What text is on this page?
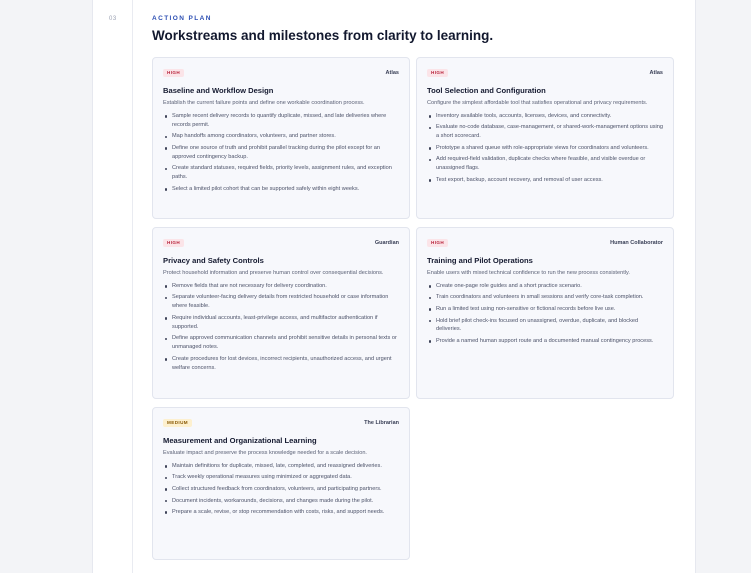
03	ACTION PLAN
Workstreams and milestones from clarity to learning.
HIGH	Atlas
Baseline and Workflow Design

Establish the current failure points and define one workable coordination process.

Sample recent delivery records to quantify duplicate, missed, and late deliveries where records permit.
Map handoffs among coordinators, volunteers, and partner stores.
Define one source of truth and prohibit parallel tracking during the pilot except for an approved contingency backup.
Create standard statuses, required fields, priority levels, assignment rules, and exception paths.
Select a limited pilot cohort that can be supported safely within eight weeks.
HIGH	Atlas
Tool Selection and Configuration

Configure the simplest affordable tool that satisfies operational and privacy requirements.

Inventory available tools, accounts, licenses, devices, and connectivity.
Evaluate no-code database, case-management, or shared-work-management options using a short scorecard.
Prototype a shared queue with role-appropriate views for coordinators and volunteers.
Add required-field validation, duplicate checks where feasible, and visible overdue or unassigned flags.
Test export, backup, account recovery, and removal of user access.
HIGH	Guardian
Privacy and Safety Controls

Protect household information and preserve human control over consequential decisions.

Remove fields that are not necessary for delivery coordination.
Separate volunteer-facing delivery details from restricted household or case information where feasible.
Require individual accounts, least-privilege access, and multifactor authentication if supported.
Define approved communication channels and prohibit sensitive details in personal texts or unmanaged notes.
Create procedures for lost devices, incorrect recipients, unauthorized access, and urgent welfare concerns.
HIGH	Human Collaborator
Training and Pilot Operations

Enable users with mixed technical confidence to run the new process consistently.

Create one-page role guides and a short practice scenario.
Train coordinators and volunteers in small sessions and verify core-task completion.
Run a limited test using non-sensitive or fictional records before live use.
Hold brief pilot check-ins focused on unassigned, overdue, duplicate, and blocked deliveries.
Provide a named human support route and a documented manual contingency process.
MEDIUM	The Librarian
Measurement and Organizational Learning

Evaluate impact and preserve the process knowledge needed for a scale decision.

Maintain definitions for duplicate, missed, late, completed, and reassigned deliveries.
Track weekly operational measures using minimized or aggregated data.
Collect structured feedback from coordinators, volunteers, and participating partners.
Document incidents, workarounds, decisions, and changes made during the pilot.
Prepare a scale, revise, or stop recommendation with costs, risks, and support needs.
